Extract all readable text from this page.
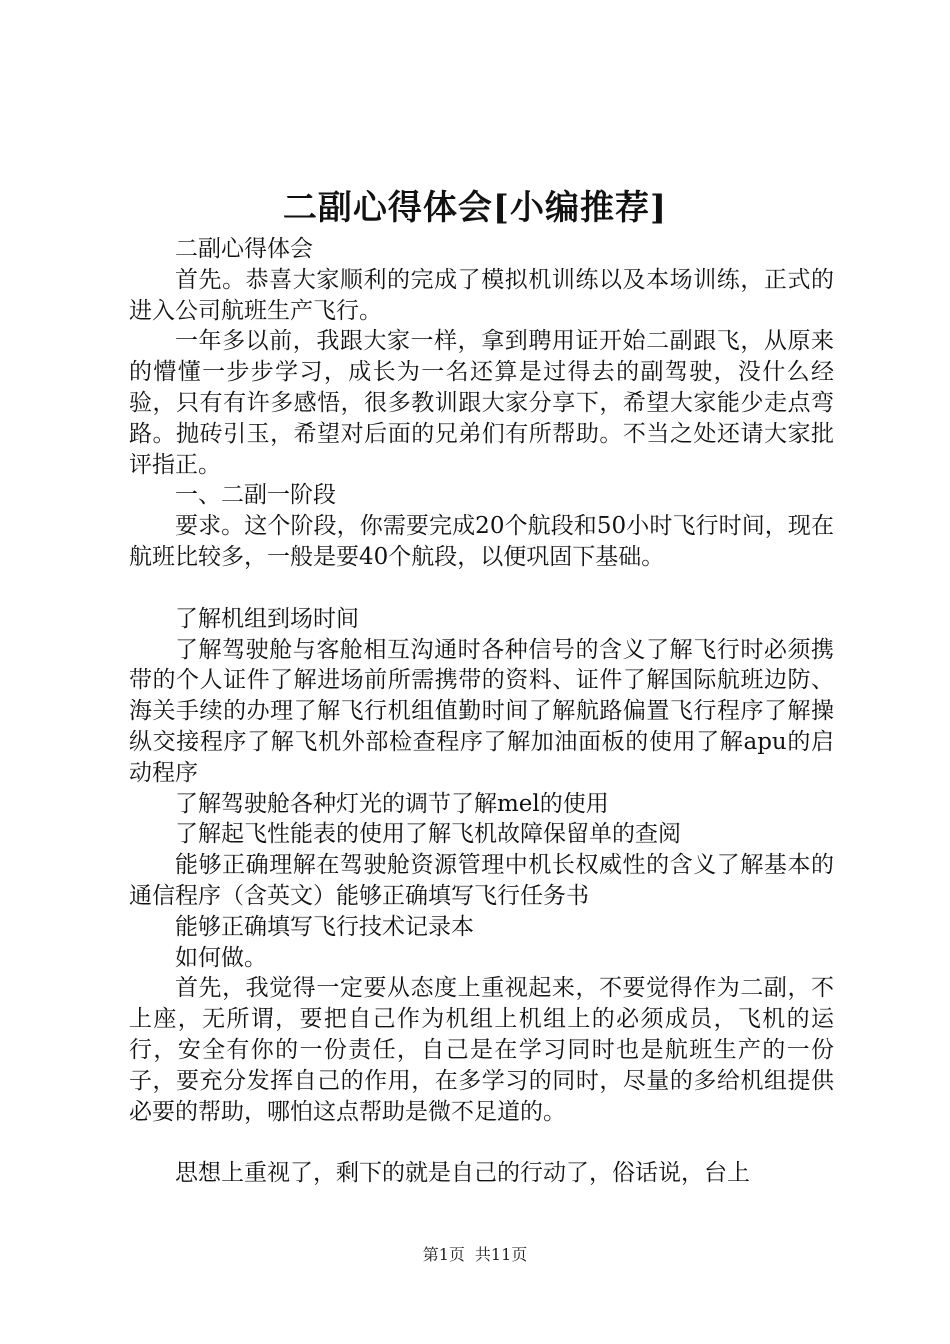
二副心得体会[小编推荐]

二副心得体会

首先。恭喜大家顺利的完成了模拟机训练以及本场训练，正式的进入公司航班生产飞行。

一年多以前，我跟大家一样，拿到聘用证开始二副跟飞，从原来的懵懂一步步学习，成长为一名还算是过得去的副驾驶，没什么经验，只有有许多感悟，很多教训跟大家分享下，希望大家能少走点弯路。抛砖引玉，希望对后面的兄弟们有所帮助。不当之处还请大家批评指正。

一、二副一阶段

要求。这个阶段，你需要完成20个航段和50小时飞行时间，现在航班比较多，一般是要40个航段，以便巩固下基础。

了解机组到场时间

了解驾驶舱与客舱相互沟通时各种信号的含义了解飞行时必须携带的个人证件了解进场前所需携带的资料、证件了解国际航班边防、海关手续的办理了解飞行机组值勤时间了解航路偏置飞行程序了解操纵交接程序了解飞机外部检查程序了解加油面板的使用了解apu的启动程序

了解驾驶舱各种灯光的调节了解mel的使用

了解起飞性能表的使用了解飞机故障保留单的查阅

能够正确理解在驾驶舱资源管理中机长权威性的含义了解基本的通信程序（含英文）能够正确填写飞行任务书

能够正确填写飞行技术记录本

如何做。

首先，我觉得一定要从态度上重视起来，不要觉得作为二副，不上座，无所谓，要把自己作为机组上机组上的必须成员，飞机的运行，安全有你的一份责任，自己是在学习同时也是航班生产的一份子，要充分发挥自己的作用，在多学习的同时，尽量的多给机组提供必要的帮助，哪怕这点帮助是微不足道的。

思想上重视了，剩下的就是自己的行动了，俗话说，台上

第1页 共11页
